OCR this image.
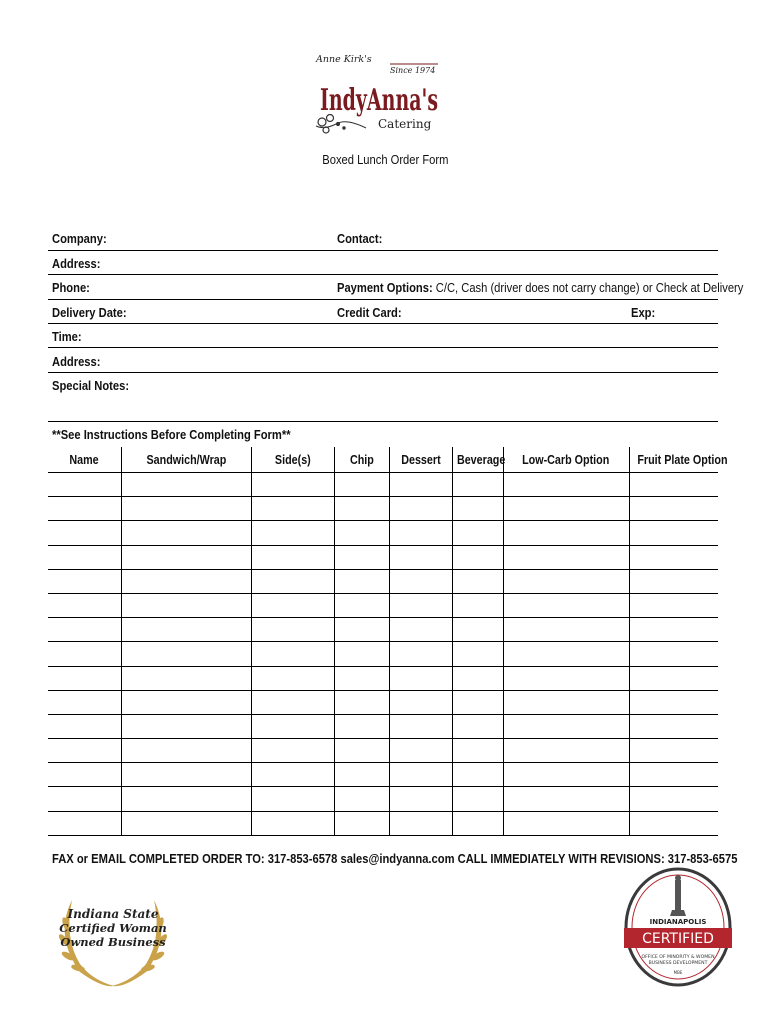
Anne Kirk's
Since 1974
IndyAnna's
Catering
Boxed Lunch Order Form
Company:	Contact:
Address:
Phone:	Payment Options: C/C, Cash (driver does not carry change) or Check at Delivery
Delivery Date:	Credit Card:	Exp:
Time:
Address:
Special Notes:
**See Instructions Before Completing Form**
Name	Sandwich/Wrap	Side(s)	Chip	Dessert	Beverage	Low-Carb Option	Fruit Plate Option

FAX or EMAIL COMPLETED ORDER TO: 317-853-6578 sales@indyanna.com CALL IMMEDIATELY WITH REVISIONS: 317-853-6575
Indiana State
Certified Woman
Owned Business
INDIANAPOLIS
CERTIFIED
OFFICE OF MINORITY & WOMEN
BUSINESS DEVELOPMENT
MBE
